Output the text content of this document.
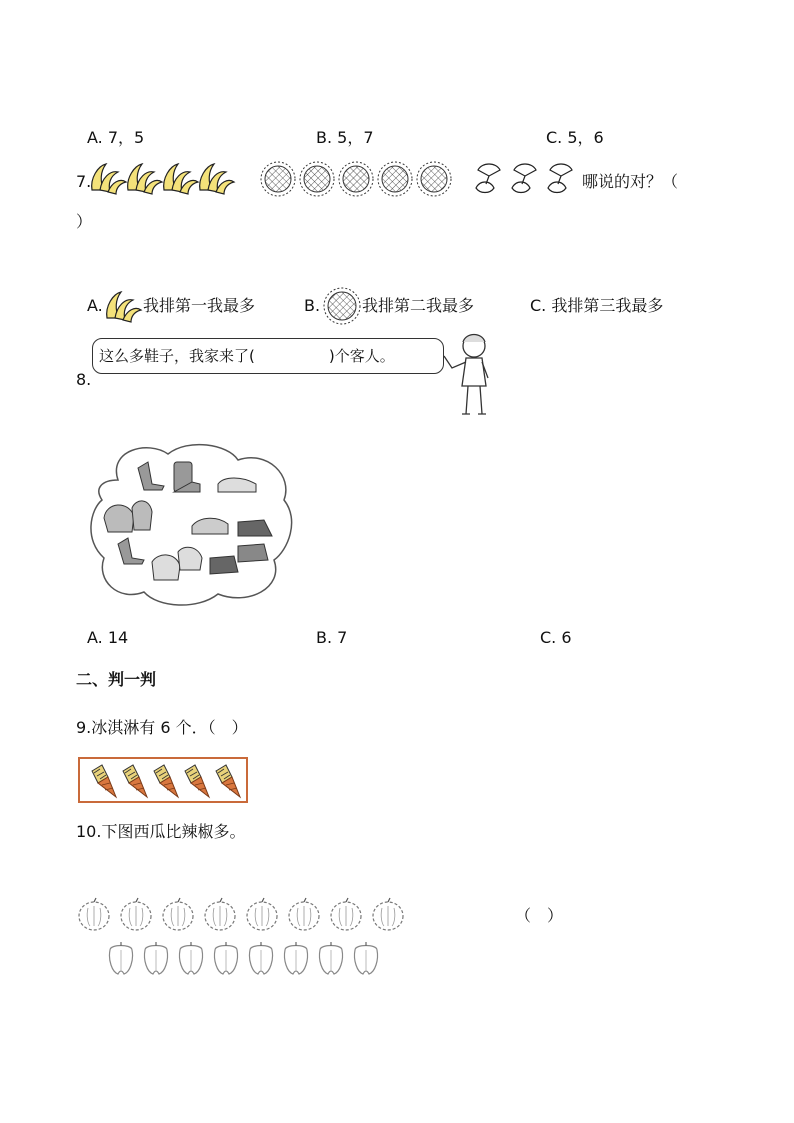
A. 7，5	B. 5，7	C. 5，6
7.	哪说的对？（
）
A.	我排第一我最多	B.	我排第二我最多	C. 我排第三我最多
8.
这么多鞋子，我家来了(	)个客人。
A. 14	B. 7	C. 6
二、判一判
9.冰淇淋有 6 个．（　）
10.下图西瓜比辣椒多。
（　）
